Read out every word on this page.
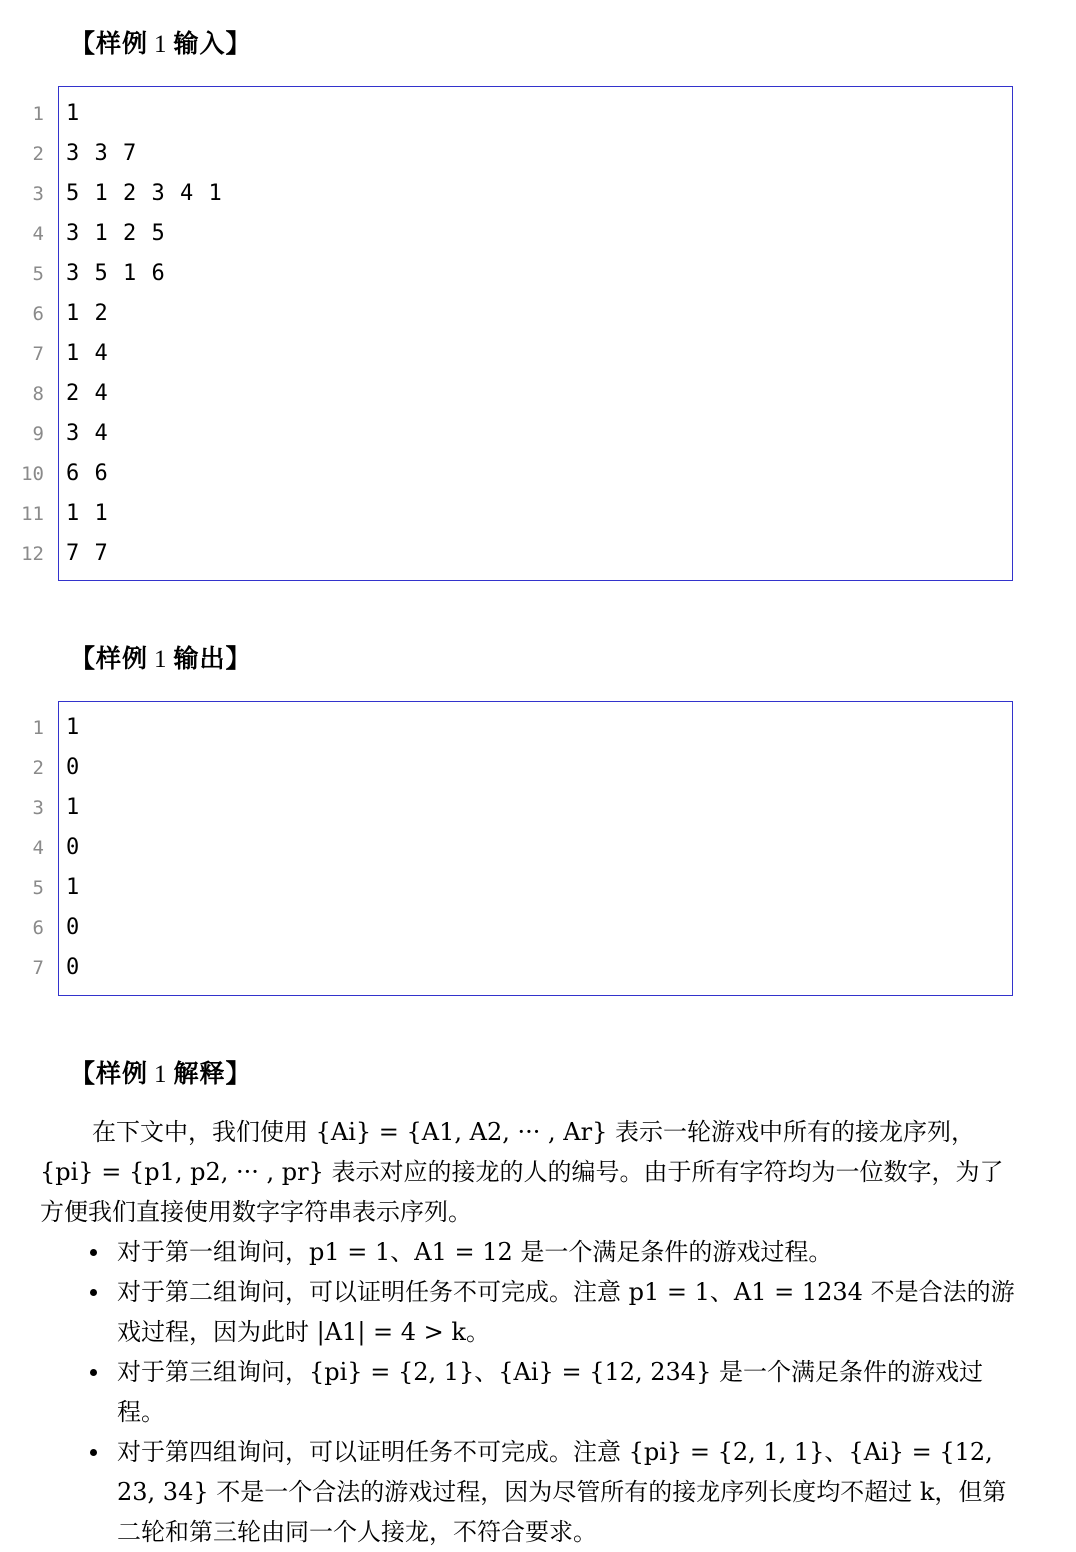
【样例 1 输入】
1 1
2 3 3 7
3 5 1 2 3 4 1
4 3 1 2 5
5 3 5 1 6
6 1 2
7 1 4
8 2 4
9 3 4
10 6 6
11 1 1
12 7 7
【样例 1 输出】
1 1
2 0
3 1
4 0
5 1
6 0
7 0
【样例 1 解释】
在下文中，我们使用 {Ai} = {A1, A2, ··· , Ar} 表示一轮游戏中所有的接龙序列，{pi} = {p1, p2, ··· , pr} 表示对应的接龙的人的编号。由于所有字符均为一位数字，为了方便我们直接使用数字字符串表示序列。
对于第一组询问，p1 = 1、A1 = 12 是一个满足条件的游戏过程。
对于第二组询问，可以证明任务不可完成。注意 p1 = 1、A1 = 1234 不是合法的游戏过程，因为此时 |A1| = 4 > k。
对于第三组询问，{pi} = {2, 1}、{Ai} = {12, 234} 是一个满足条件的游戏过程。
对于第四组询问，可以证明任务不可完成。注意 {pi} = {2, 1, 1}、{Ai} = {12, 23, 34} 不是一个合法的游戏过程，因为尽管所有的接龙序列长度均不超过 k，但第二轮和第三轮由同一个人接龙，不符合要求。
